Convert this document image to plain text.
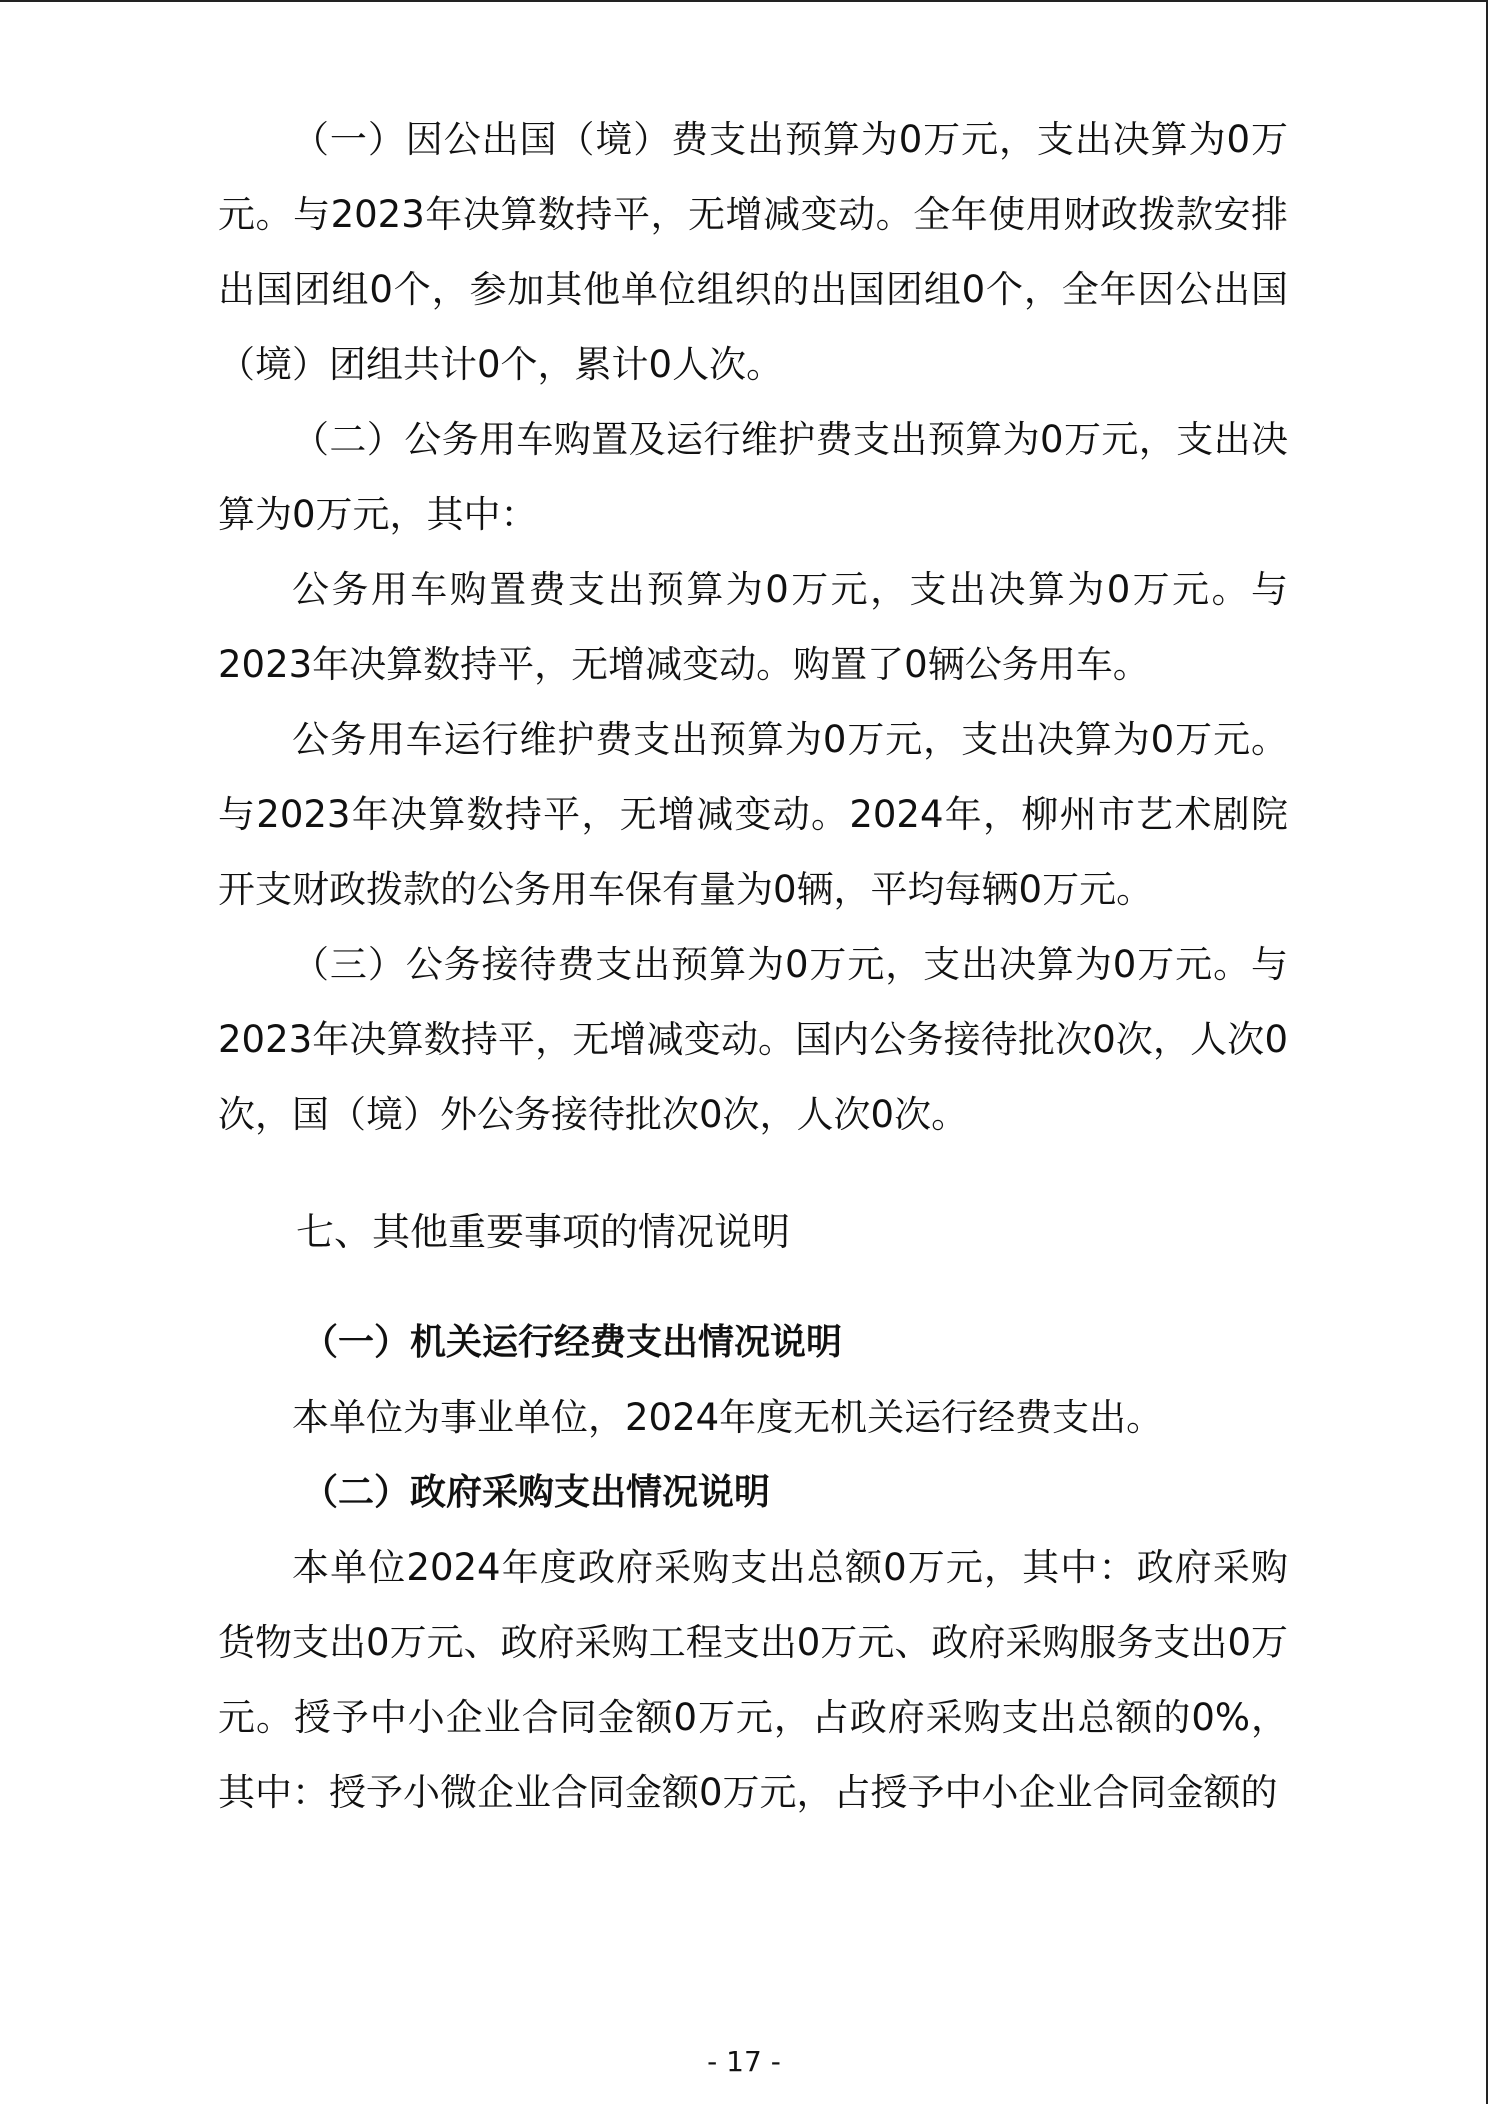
（一）因公出国（境）费支出预算为0万元，支出决算为0万元。与2023年决算数持平，无增减变动。全年使用财政拨款安排出国团组0个，参加其他单位组织的出国团组0个，全年因公出国（境）团组共计0个，累计0人次。

（二）公务用车购置及运行维护费支出预算为0万元，支出决算为0万元，其中：

公务用车购置费支出预算为0万元，支出决算为0万元。与2023年决算数持平，无增减变动。购置了0辆公务用车。

公务用车运行维护费支出预算为0万元，支出决算为0万元。与2023年决算数持平，无增减变动。2024年，柳州市艺术剧院开支财政拨款的公务用车保有量为0辆，平均每辆0万元。

（三）公务接待费支出预算为0万元，支出决算为0万元。与2023年决算数持平，无增减变动。国内公务接待批次0次，人次0次，国（境）外公务接待批次0次，人次0次。

七、其他重要事项的情况说明
（一）机关运行经费支出情况说明

本单位为事业单位，2024年度无机关运行经费支出。

（二）政府采购支出情况说明

本单位2024年度政府采购支出总额0万元，其中：政府采购货物支出0万元、政府采购工程支出0万元、政府采购服务支出0万元。授予中小企业合同金额0万元，占政府采购支出总额的0%，其中：授予小微企业合同金额0万元，占授予中小企业合同金额的

- 17 -
